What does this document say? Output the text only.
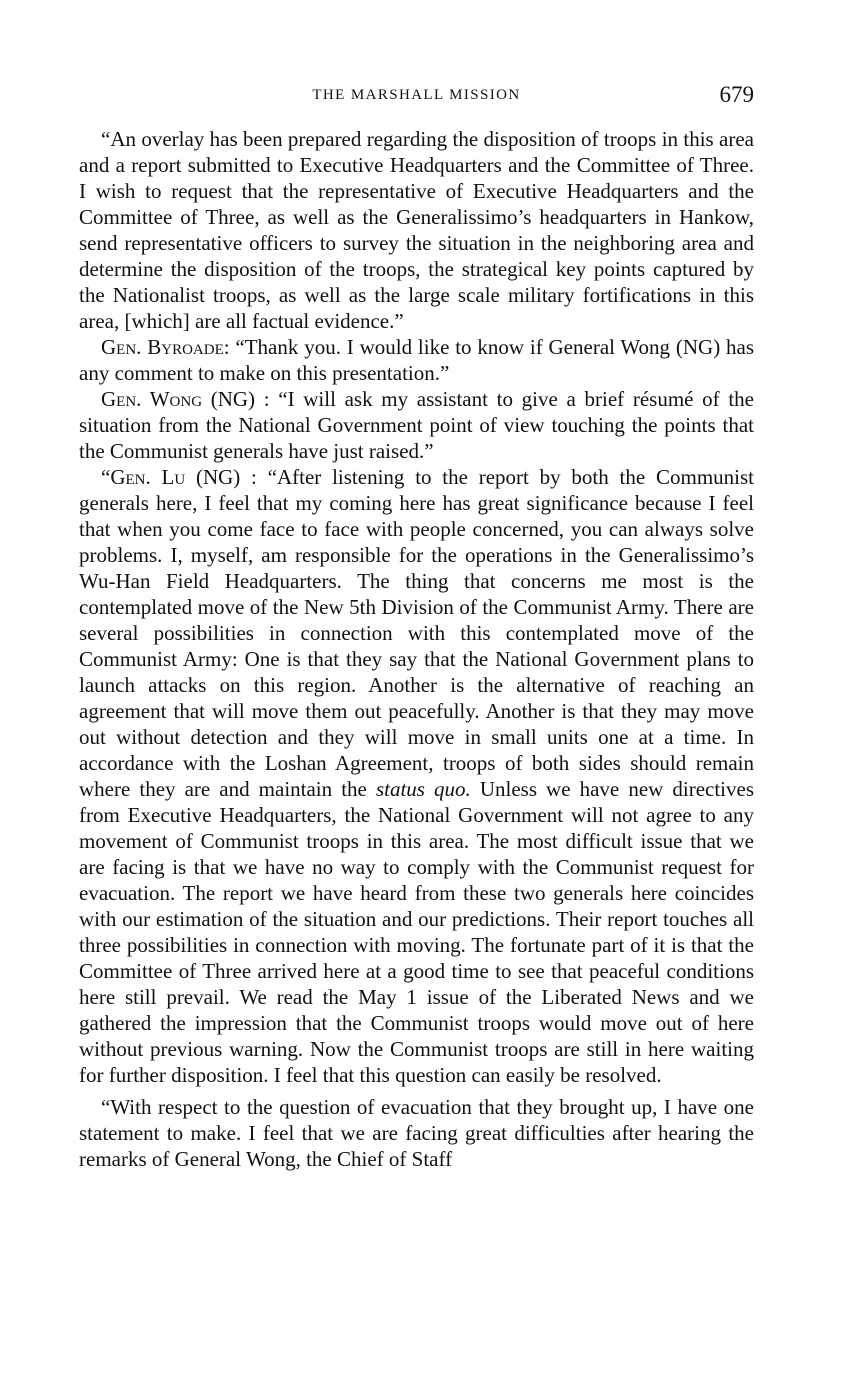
THE MARSHALL MISSION	679

“An overlay has been prepared regarding the disposition of troops in this area and a report submitted to Executive Headquarters and the Committee of Three. I wish to request that the representative of Executive Headquarters and the Committee of Three, as well as the Generalissimo’s headquarters in Hankow, send representative officers to survey the situation in the neighboring area and determine the disposition of the troops, the strategical key points captured by the Nationalist troops, as well as the large scale military fortifications in this area, [which] are all factual evidence.”

Gen. Byroade: “Thank you. I would like to know if General Wong (NG) has any comment to make on this presentation.”

Gen. Wong (NG) : “I will ask my assistant to give a brief résumé of the situation from the National Government point of view touching the points that the Communist generals have just raised.”

“Gen. Lu (NG) : “After listening to the report by both the Communist generals here, I feel that my coming here has great significance because I feel that when you come face to face with people concerned, you can always solve problems. I, myself, am responsible for the operations in the Generalissimo’s Wu-Han Field Headquarters. The thing that concerns me most is the contemplated move of the New 5th Division of the Communist Army. There are several possibilities in connection with this contemplated move of the Communist Army: One is that they say that the National Government plans to launch attacks on this region. Another is the alternative of reaching an agreement that will move them out peacefully. Another is that they may move out without detection and they will move in small units one at a time. In accordance with the Loshan Agreement, troops of both sides should remain where they are and maintain the status quo. Unless we have new directives from Executive Headquarters, the National Government will not agree to any movement of Communist troops in this area. The most difficult issue that we are facing is that we have no way to comply with the Communist request for evacuation. The report we have heard from these two generals here coincides with our estimation of the situation and our predictions. Their report touches all three possibilities in connection with moving. The fortunate part of it is that the Committee of Three arrived here at a good time to see that peaceful conditions here still prevail. We read the May 1 issue of the Liberated News and we gathered the impression that the Communist troops would move out of here without previous warning. Now the Communist troops are still in here waiting for further disposition. I feel that this question can easily be resolved.

“With respect to the question of evacuation that they brought up, I have one statement to make. I feel that we are facing great difficulties after hearing the remarks of General Wong, the Chief of Staff
